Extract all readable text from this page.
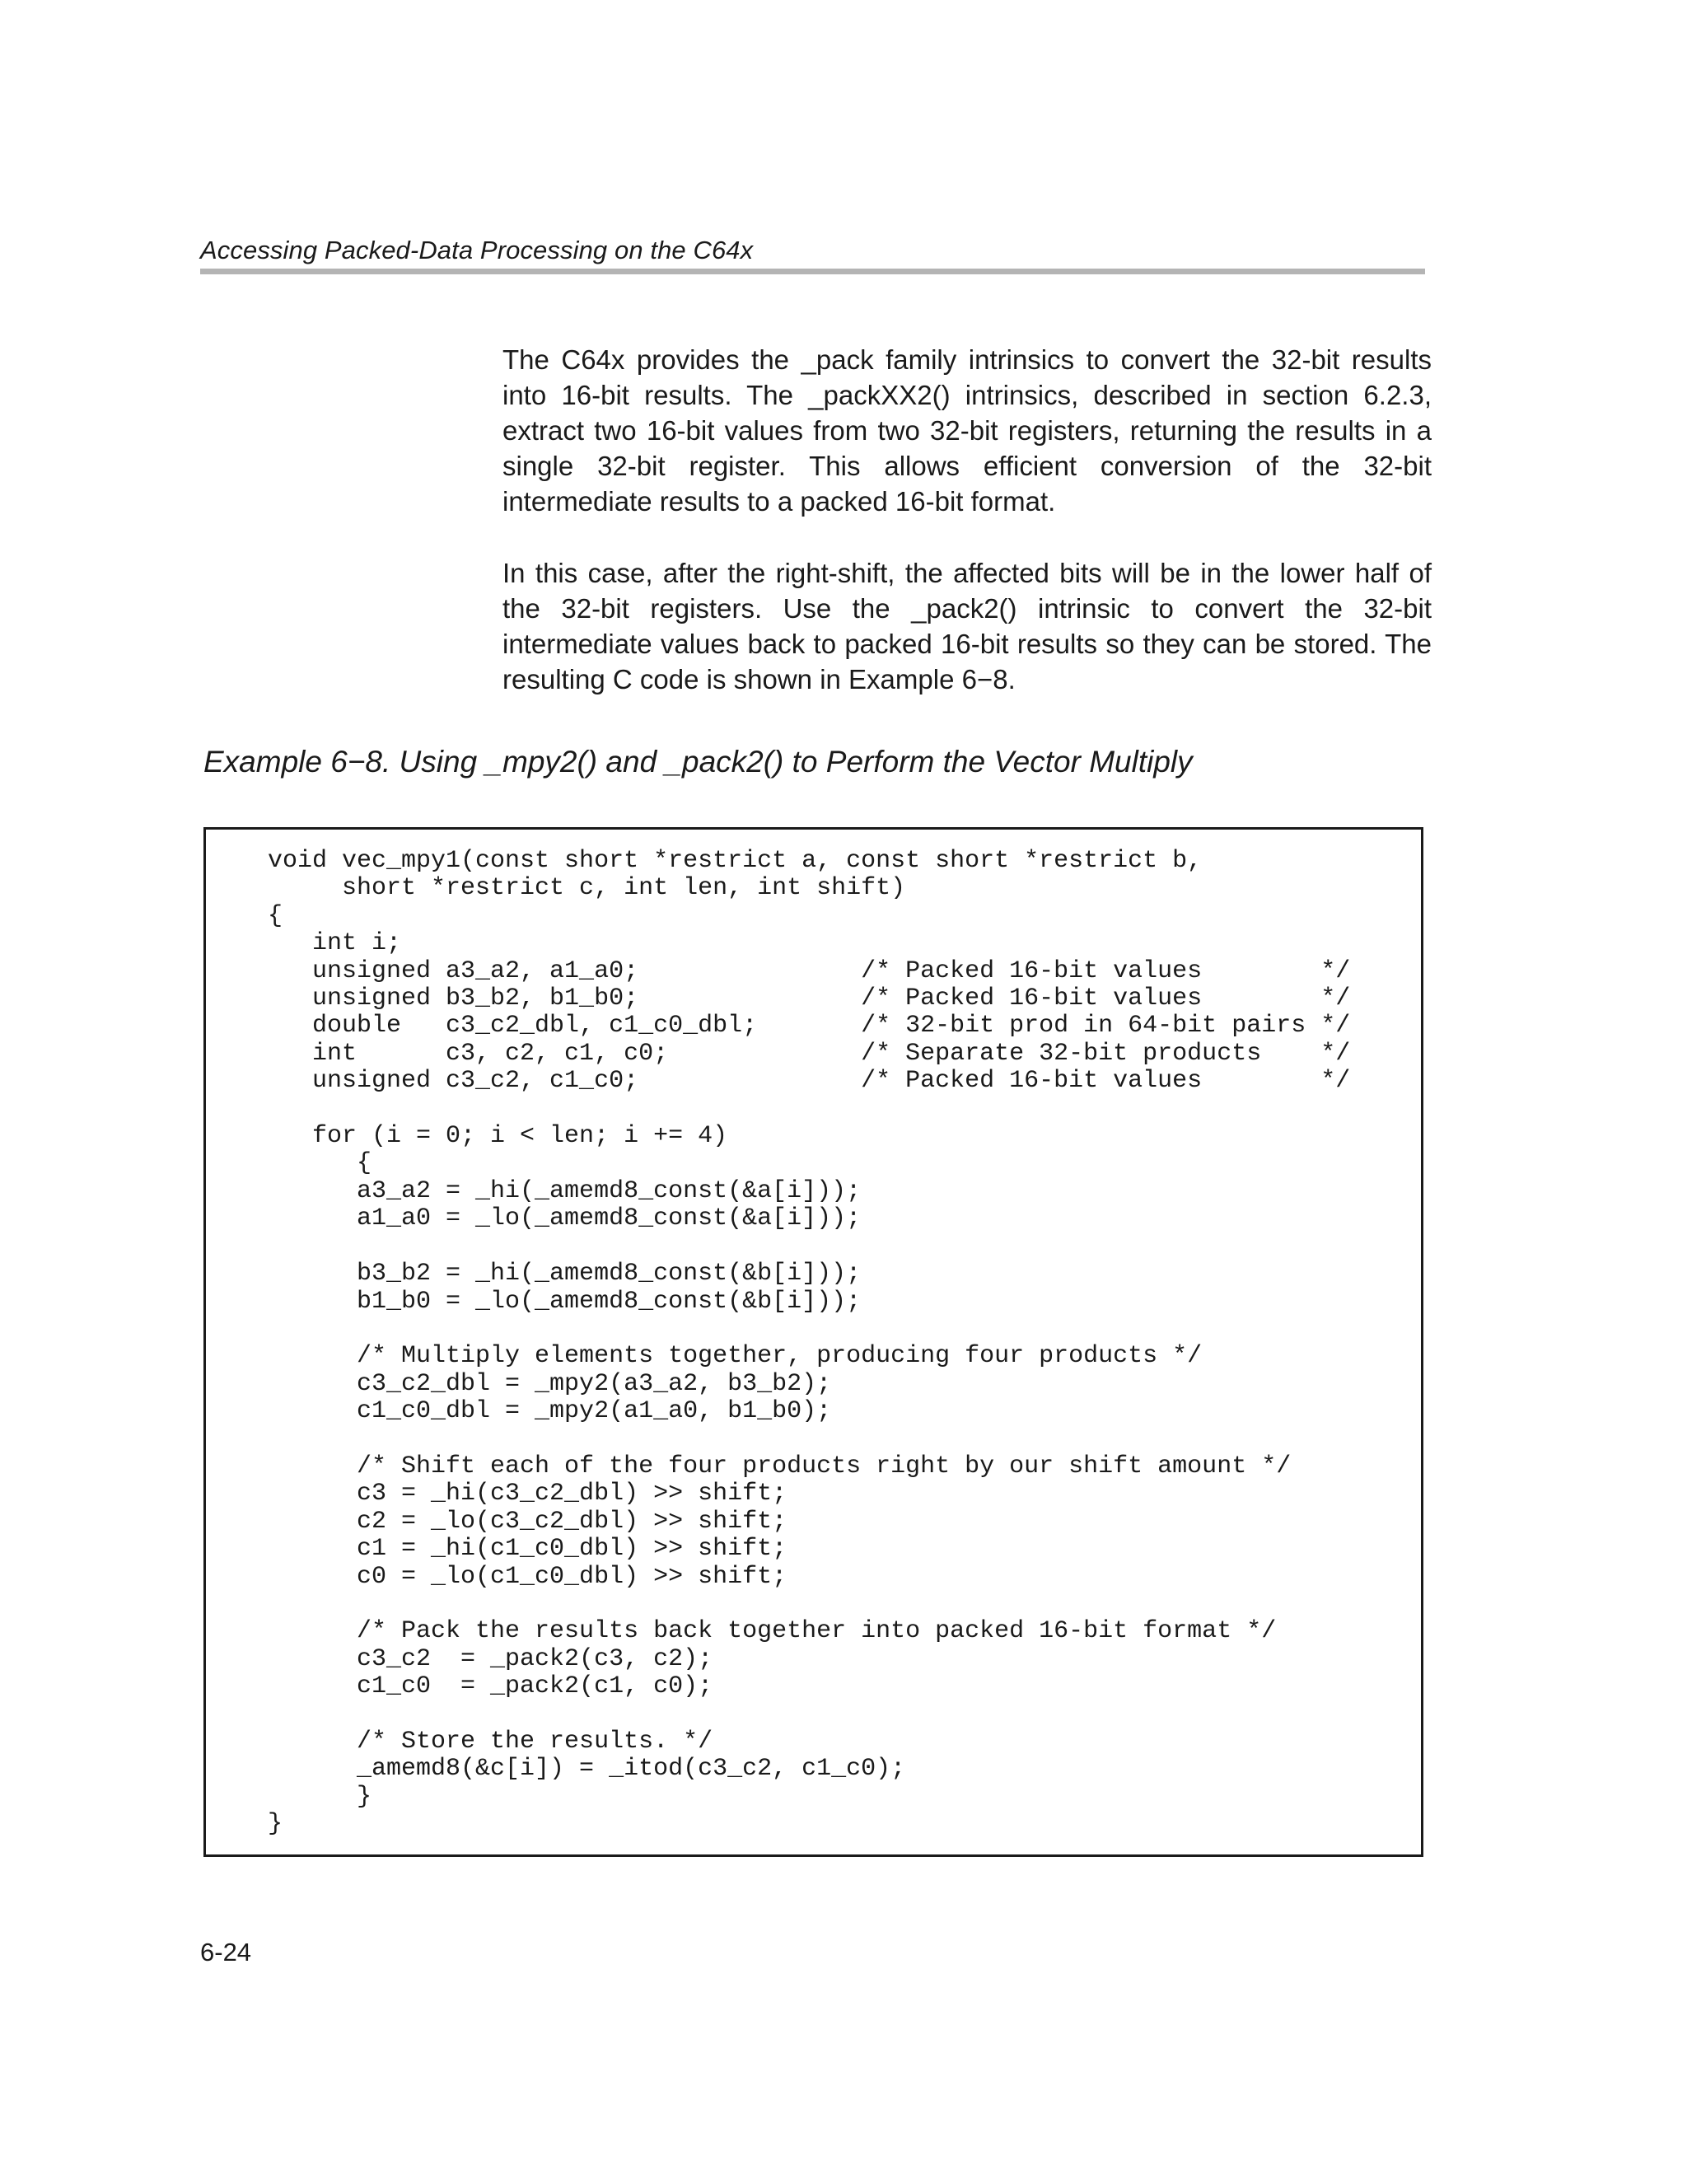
Accessing Packed-Data Processing on the C64x

The C64x provides the _pack family intrinsics to convert the 32-bit results into 16-bit results. The _packXX2() intrinsics, described in section 6.2.3, extract two 16-bit values from two 32-bit registers, returning the results in a single 32-bit register. This allows efficient conversion of the 32-bit intermediate results to a packed 16-bit format.

In this case, after the right-shift, the affected bits will be in the lower half of the 32-bit registers. Use the _pack2() intrinsic to convert the 32-bit intermediate values back to packed 16-bit results so they can be stored. The resulting C code is shown in Example 6−8.

Example 6−8. Using _mpy2() and _pack2() to Perform the Vector Multiply
void vec_mpy1(const short *restrict a, const short *restrict b,
short *restrict c, int len, int shift)
{
int i;
unsigned a3_a2, a1_a0;               /* Packed 16-bit values        */
unsigned b3_b2, b1_b0;               /* Packed 16-bit values        */
double   c3_c2_dbl, c1_c0_dbl;       /* 32-bit prod in 64-bit pairs */
int      c3, c2, c1, c0;             /* Separate 32-bit products    */
unsigned c3_c2, c1_c0;               /* Packed 16-bit values        */

for (i = 0; i < len; i += 4)
{
a3_a2 = _hi(_amemd8_const(&a[i]));
a1_a0 = _lo(_amemd8_const(&a[i]));

b3_b2 = _hi(_amemd8_const(&b[i]));
b1_b0 = _lo(_amemd8_const(&b[i]));

/* Multiply elements together, producing four products */
c3_c2_dbl = _mpy2(a3_a2, b3_b2);
c1_c0_dbl = _mpy2(a1_a0, b1_b0);

/* Shift each of the four products right by our shift amount */
c3 = _hi(c3_c2_dbl) >> shift;
c2 = _lo(c3_c2_dbl) >> shift;
c1 = _hi(c1_c0_dbl) >> shift;
c0 = _lo(c1_c0_dbl) >> shift;

/* Pack the results back together into packed 16-bit format */
c3_c2  = _pack2(c3, c2);
c1_c0  = _pack2(c1, c0);

/* Store the results. */
_amemd8(&c[i]) = _itod(c3_c2, c1_c0);
}
}
6-24
